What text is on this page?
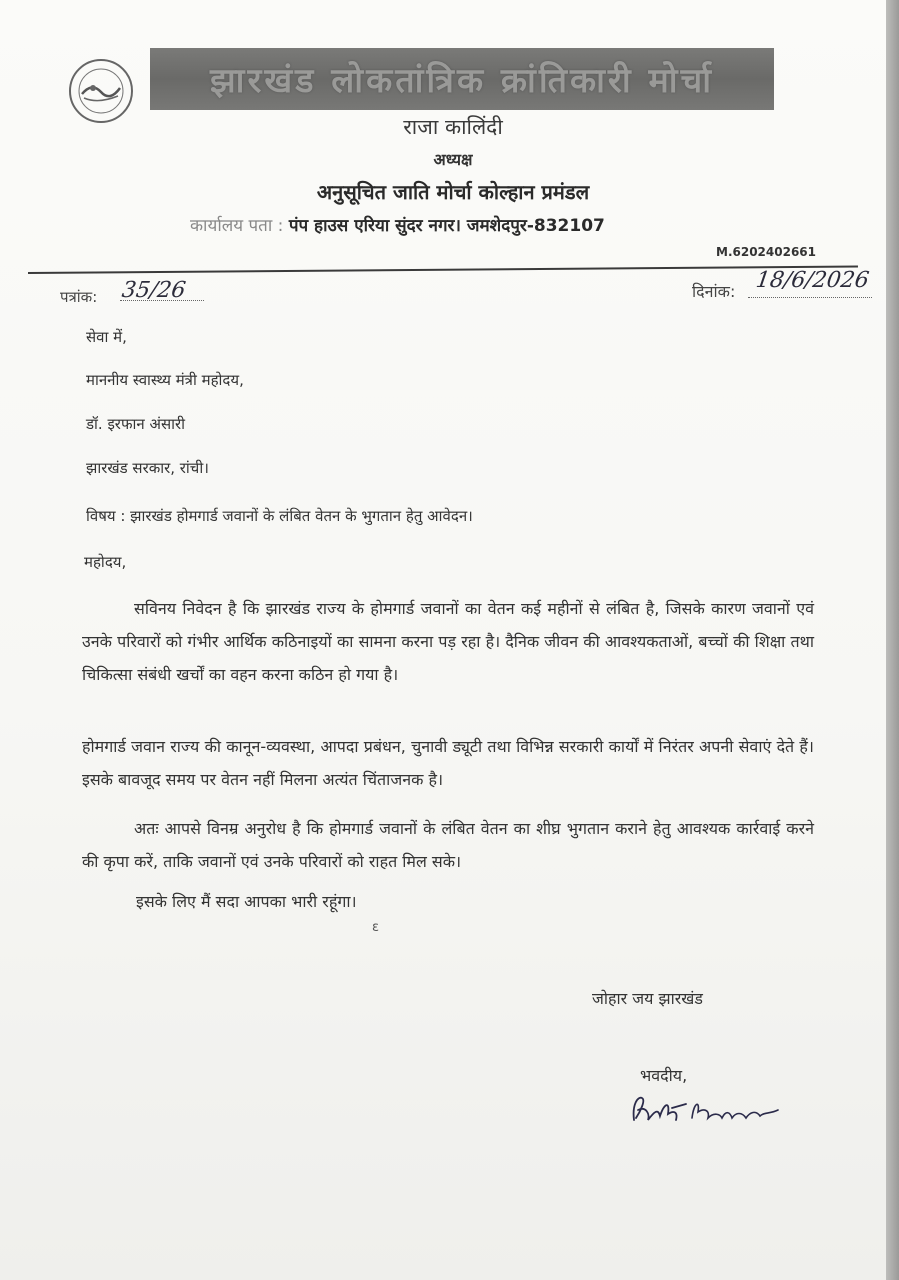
झारखंड लोकतांत्रिक क्रांतिकारी मोर्चा
राजा कालिंदी
अध्यक्ष
अनुसूचित जाति मोर्चा कोल्हान प्रमंडल
कार्यालय पता : पंप हाउस एरिया सुंदर नगर। जमशेदपुर-832107
M.6202402661
पत्रांक: 35/26	दिनांक: 18/6/2026
सेवा में,
माननीय स्वास्थ्य मंत्री महोदय,
डॉ. इरफान अंसारी
झारखंड सरकार, रांची।
विषय : झारखंड होमगार्ड जवानों के लंबित वेतन के भुगतान हेतु आवेदन।
महोदय,
सविनय निवेदन है कि झारखंड राज्य के होमगार्ड जवानों का वेतन कई महीनों से लंबित है, जिसके कारण जवानों एवं उनके परिवारों को गंभीर आर्थिक कठिनाइयों का सामना करना पड़ रहा है। दैनिक जीवन की आवश्यकताओं, बच्चों की शिक्षा तथा चिकित्सा संबंधी खर्चों का वहन करना कठिन हो गया है।
होमगार्ड जवान राज्य की कानून-व्यवस्था, आपदा प्रबंधन, चुनावी ड्यूटी तथा विभिन्न सरकारी कार्यों में निरंतर अपनी सेवाएं देते हैं। इसके बावजूद समय पर वेतन नहीं मिलना अत्यंत चिंताजनक है।
अतः आपसे विनम्र अनुरोध है कि होमगार्ड जवानों के लंबित वेतन का शीघ्र भुगतान कराने हेतु आवश्यक कार्रवाई करने की कृपा करें, ताकि जवानों एवं उनके परिवारों को राहत मिल सके।
इसके लिए मैं सदा आपका भारी रहूंगा।
ε
जोहार जय झारखंड
भवदीय,
